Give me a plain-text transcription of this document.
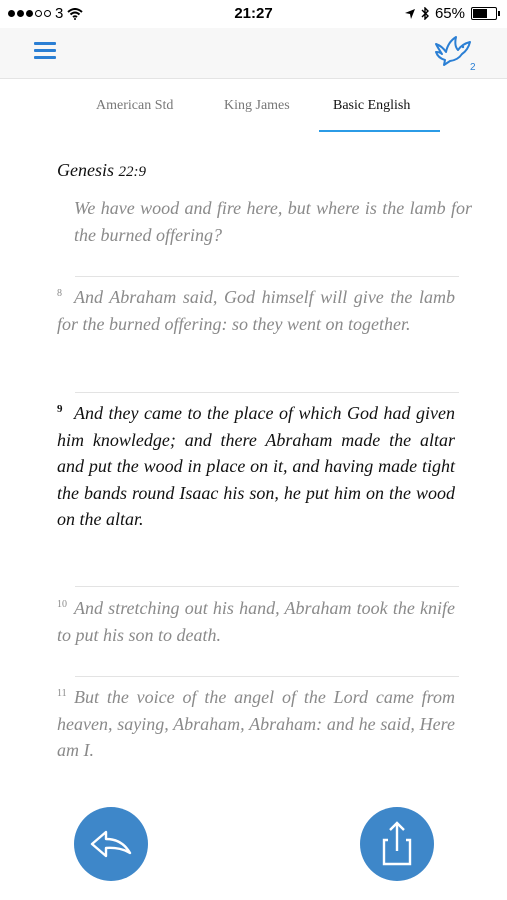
3	21:27	65%
2
American Std	King James	Basic English
Genesis 22:9
We have wood and fire here, but where is the lamb for the burned offering?
8 And Abraham said, God himself will give the lamb for the burned offering: so they went on together.
9 And they came to the place of which God had given him knowledge; and there Abraham made the altar and put the wood in place on it, and having made tight the bands round Isaac his son, he put him on the wood on the altar.
10 And stretching out his hand, Abraham took the knife to put his son to death.
11 But the voice of the angel of the Lord came from heaven, saying, Abraham, Abraham: and he said, Here am I.
